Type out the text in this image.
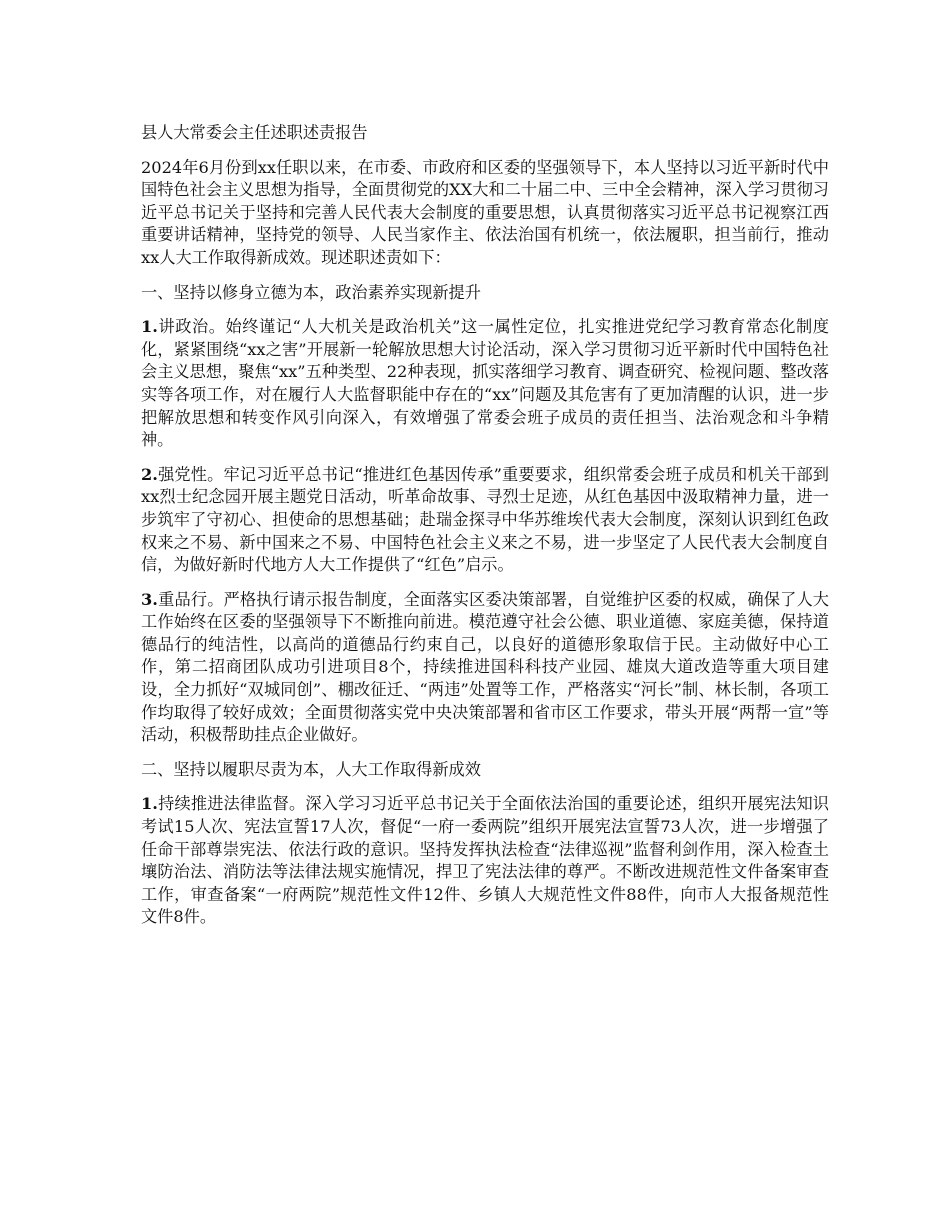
县人大常委会主任述职述责报告

2024年6月份到xx任职以来，在市委、市政府和区委的坚强领导下，本人坚持以习近平新时代中国特色社会主义思想为指导，全面贯彻党的XX大和二十届二中、三中全会精神，深入学习贯彻习近平总书记关于坚持和完善人民代表大会制度的重要思想，认真贯彻落实习近平总书记视察江西重要讲话精神，坚持党的领导、人民当家作主、依法治国有机统一，依法履职，担当前行，推动xx人大工作取得新成效。现述职述责如下：

一、坚持以修身立德为本，政治素养实现新提升

1.讲政治。始终谨记“人大机关是政治机关”这一属性定位，扎实推进党纪学习教育常态化制度化，紧紧围绕“xx之害”开展新一轮解放思想大讨论活动，深入学习贯彻习近平新时代中国特色社会主义思想，聚焦“xx”五种类型、22种表现，抓实落细学习教育、调查研究、检视问题、整改落实等各项工作，对在履行人大监督职能中存在的“xx”问题及其危害有了更加清醒的认识，进一步把解放思想和转变作风引向深入，有效增强了常委会班子成员的责任担当、法治观念和斗争精神。

2.强党性。牢记习近平总书记“推进红色基因传承”重要要求，组织常委会班子成员和机关干部到xx烈士纪念园开展主题党日活动，听革命故事、寻烈士足迹，从红色基因中汲取精神力量，进一步筑牢了守初心、担使命的思想基础；赴瑞金探寻中华苏维埃代表大会制度，深刻认识到红色政权来之不易、新中国来之不易、中国特色社会主义来之不易，进一步坚定了人民代表大会制度自信，为做好新时代地方人大工作提供了“红色”启示。

3.重品行。严格执行请示报告制度，全面落实区委决策部署，自觉维护区委的权威，确保了人大工作始终在区委的坚强领导下不断推向前进。模范遵守社会公德、职业道德、家庭美德，保持道德品行的纯洁性，以高尚的道德品行约束自己，以良好的道德形象取信于民。主动做好中心工作，第二招商团队成功引进项目8个，持续推进国科科技产业园、雄岚大道改造等重大项目建设，全力抓好“双城同创”、棚改征迁、“两违”处置等工作，严格落实“河长”制、林长制，各项工作均取得了较好成效；全面贯彻落实党中央决策部署和省市区工作要求，带头开展“两帮一宣”等活动，积极帮助挂点企业做好。

二、坚持以履职尽责为本，人大工作取得新成效

1.持续推进法律监督。深入学习习近平总书记关于全面依法治国的重要论述，组织开展宪法知识考试15人次、宪法宣誓17人次，督促“一府一委两院”组织开展宪法宣誓73人次，进一步增强了任命干部尊崇宪法、依法行政的意识。坚持发挥执法检查“法律巡视”监督利剑作用，深入检查土壤防治法、消防法等法律法规实施情况，捍卫了宪法法律的尊严。不断改进规范性文件备案审查工作，审查备案“一府两院”规范性文件12件、乡镇人大规范性文件88件，向市人大报备规范性文件8件。
